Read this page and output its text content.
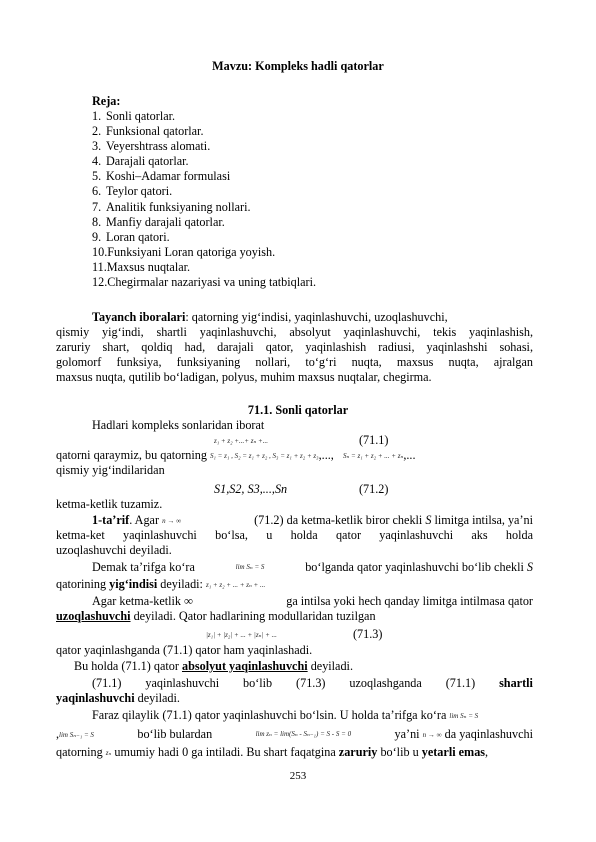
Mavzu: Kompleks hadli qatorlar
Reja:
1. Sonli qatorlar.
2. Funksional qatorlar.
3. Veyershtrass alomati.
4. Darajali qatorlar.
5. Koshi–Adamar formulasi
6. Teylor qatori.
7. Analitik funksiyaning nollari.
8. Manfiy darajali qatorlar.
9. Loran qatori.
10. Funksiyani Loran qatoriga yoyish.
11. Maxsus nuqtalar.
12. Chegirmalar nazariyasi va uning tatbiqlari.
Tayanch iboralari: qatorning yig‘indisi, yaqinlashuvchi, uzoqlashuvchi,
qismiy yig‘indi, shartli yaqinlashuvchi, absolyut yaqinlashuvchi, tekis yaqinlashish,
zaruriy shart, qoldiq had, darajali qator, yaqinlashish radiusi, yaqinlashshi sohasi,
golomorf funksiya, funksiyaning nollari, to‘g‘ri nuqta, maxsus nuqta, ajralgan
maxsus nuqta, qutilib bo‘ladigan, polyus, muhim maxsus nuqtalar, chegirma.
71.1. Sonli qatorlar
Hadlari kompleks sonlaridan iborat
z₁ + z₂ +...+ zₙ +...	(71.1)
qatorni qaraymiz, bu qatorning S₁ = z₁ , S₂ = z₁ + z₂ , S₃ = z₁ + z₂ + z₃,..., Sₙ = z₁ + z₂ + ... + zₙ,...
qismiy yig‘indilaridan
S1,S2, S3,...,Sn	(71.2)
ketma-ketlik tuzamiz.
1-ta’rif. Agar n → ∞	(71.2) da ketma-ketlik biror chekli S limitga intilsa, ya’ni
ketma-ket yaqinlashuvchi bo‘lsa, u holda qator yaqinlashuvchi aks holda
uzoqlashuvchi deyiladi.
Demak ta’rifga ko‘ra	lim Sₙ = S	bo‘lganda qator yaqinlashuvchi bo‘lib chekli S
qatorining yig‘indisi deyiladi: z₁ + z₂ + ... + zₙ + ...
Agar ketma-ketlik ∞	ga intilsa yoki hech qanday limitga intilmasa qator
uzoqlashuvchi deyiladi. Qator hadlarining modullaridan tuzilgan
|z₁| + |z₂| + ... + |zₙ| + ...	(71.3)
qator yaqinlashganda (71.1) qator ham yaqinlashadi.
Bu holda (71.1) qator absolyut yaqinlashuvchi deyiladi.
(71.1) yaqinlashuvchi bo‘lib (71.3) uzoqlashganda (71.1) shartli
yaqinlashuvchi deyiladi.
Faraz qilaylik (71.1) qator yaqinlashuvchi bo‘lsin. U holda ta’rifga ko‘ra lim Sₙ = S
,lim Sₙ₋₁ = S	bo‘lib bulardan	lim zₙ = lim(Sₙ - Sₙ₋₁) = S - S = 0	ya’ni n → ∞ da yaqinlashuvchi
qatorning zₙ umumiy hadi 0 ga intiladi. Bu shart faqatgina zaruriy bo‘lib u yetarli emas,
253
